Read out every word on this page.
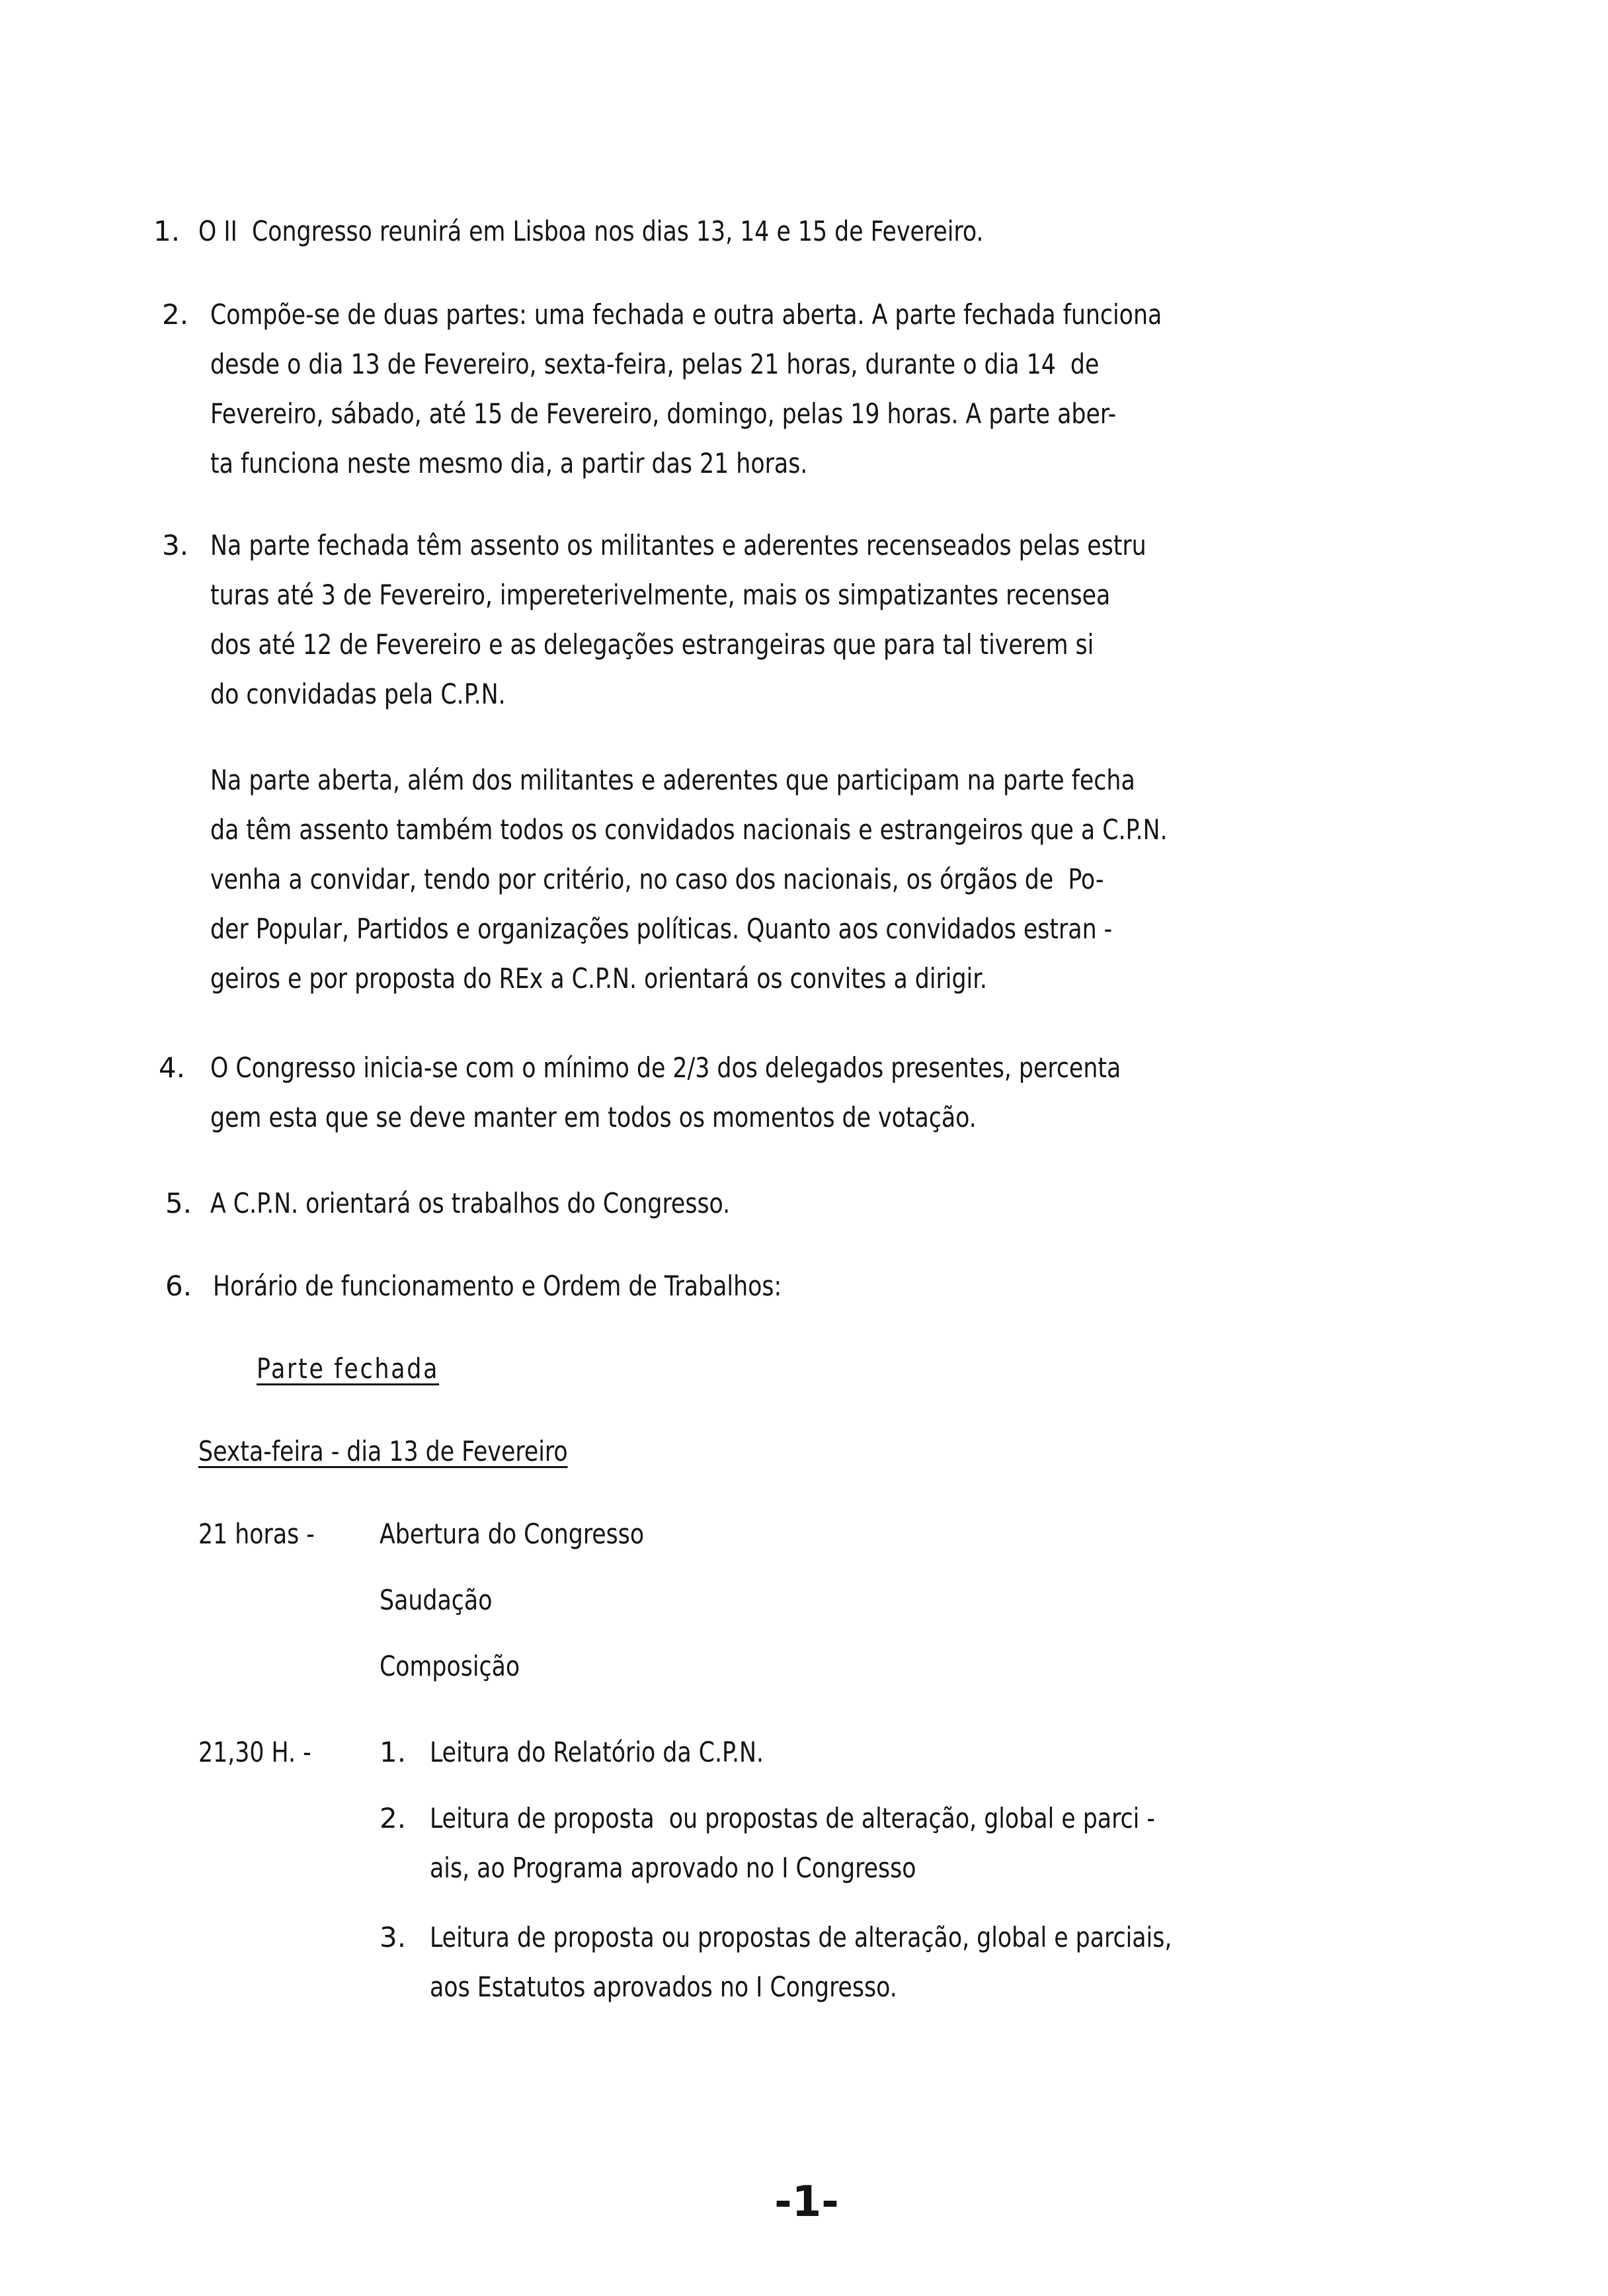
1. O II  Congresso reunirá em Lisboa nos dias 13, 14 e 15 de Fevereiro.
2. Compõe-se de duas partes: uma fechada e outra aberta. A parte fechada funciona
desde o dia 13 de Fevereiro, sexta-feira, pelas 21 horas, durante o dia 14  de
Fevereiro, sábado, até 15 de Fevereiro, domingo, pelas 19 horas. A parte aber-
ta funciona neste mesmo dia, a partir das 21 horas.
3. Na parte fechada têm assento os militantes e aderentes recenseados pelas estru
turas até 3 de Fevereiro, impereterivelmente, mais os simpatizantes recensea
dos até 12 de Fevereiro e as delegações estrangeiras que para tal tiverem si
do convidadas pela C.P.N.
Na parte aberta, além dos militantes e aderentes que participam na parte fecha
da têm assento também todos os convidados nacionais e estrangeiros que a C.P.N.
venha a convidar, tendo por critério, no caso dos nacionais, os órgãos de  Po-
der Popular, Partidos e organizações políticas. Quanto aos convidados estran -
geiros e por proposta do REx a C.P.N. orientará os convites a dirigir.
4. O Congresso inicia-se com o mínimo de 2/3 dos delegados presentes, percenta
gem esta que se deve manter em todos os momentos de votação.
5. A C.P.N. orientará os trabalhos do Congresso.
6. Horário de funcionamento e Ordem de Trabalhos:
Parte fechada
Sexta-feira - dia 13 de Fevereiro
21 horas - Abertura do Congresso
Saudação
Composição
21,30 H. - 1. Leitura do Relatório da C.P.N.
2. Leitura de proposta  ou propostas de alteração, global e parci -
ais, ao Programa aprovado no I Congresso
3. Leitura de proposta ou propostas de alteração, global e parciais,
aos Estatutos aprovados no I Congresso.
-1-
